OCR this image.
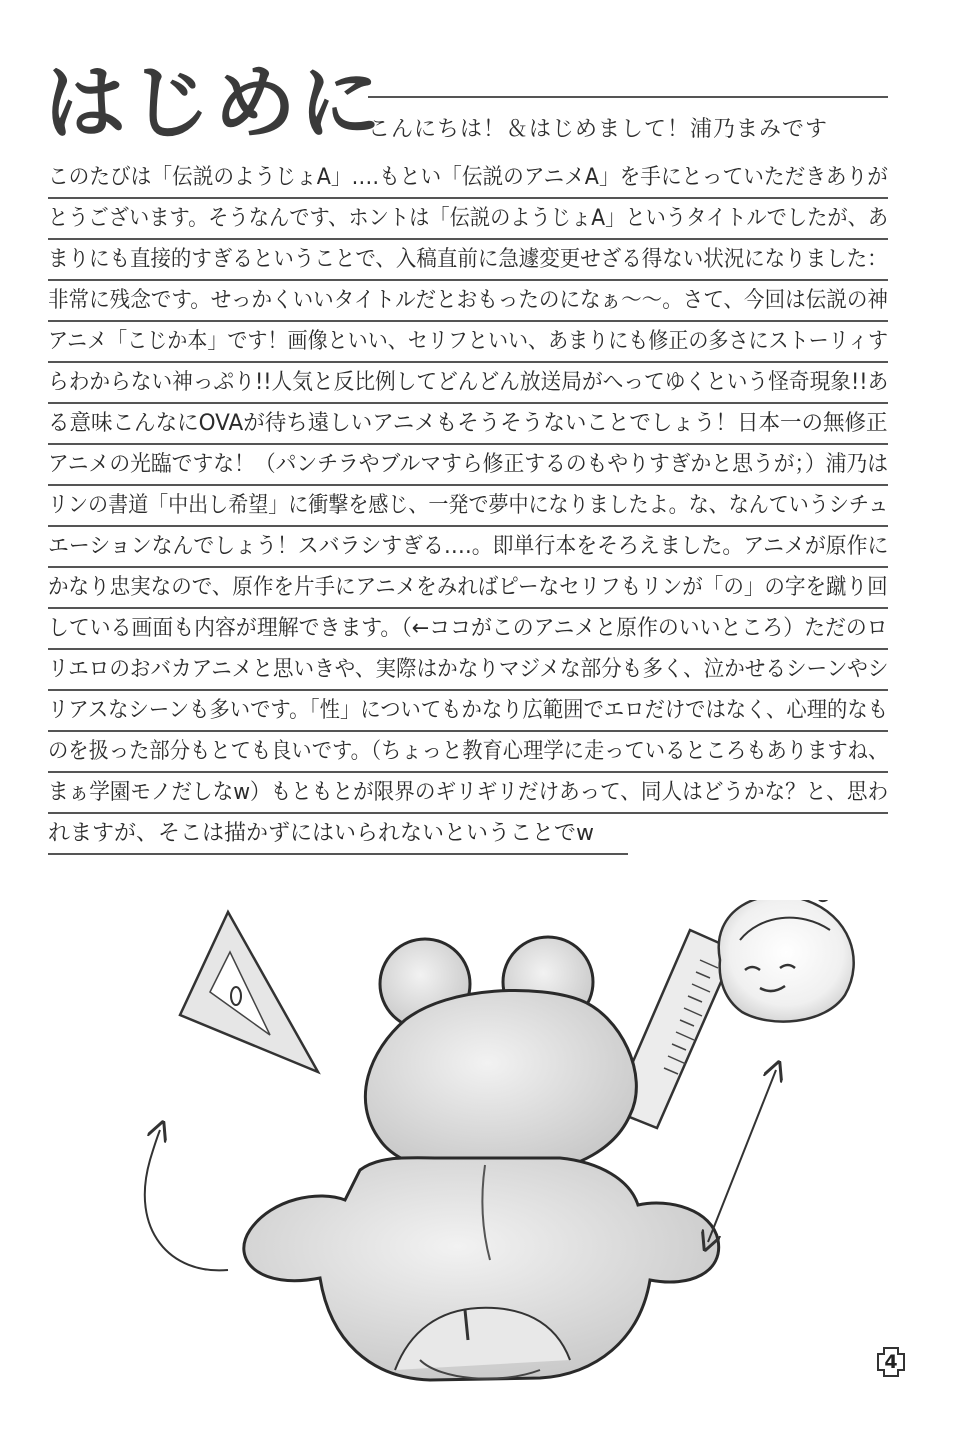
はじめに
こんにちは！＆はじめまして！浦乃まみです
このたびは「伝説のようじょA」‥‥もとい「伝説のアニメA」を手にとっていただきありが
とうございます。そうなんです、ホントは「伝説のようじょA」というタイトルでしたが、あ
まりにも直接的すぎるということで、入稿直前に急遽変更せざる得ない状況になりました：
非常に残念です。せっかくいいタイトルだとおもったのになぁ～～。さて、今回は伝説の神
アニメ「こじか本」です！画像といい、セリフといい、あまりにも修正の多さにストーリィす
らわからない神っぷり!!人気と反比例してどんどん放送局がへってゆくという怪奇現象!!あ
る意味こんなにOVAが待ち遠しいアニメもそうそうないことでしょう！日本一の無修正
アニメの光臨ですな！（パンチラやブルマすら修正するのもやりすぎかと思うが；）浦乃は
リンの書道「中出し希望」に衝撃を感じ、一発で夢中になりましたよ。な、なんていうシチュ
エーションなんでしょう！スバラシすぎる‥‥。即単行本をそろえました。アニメが原作に
かなり忠実なので、原作を片手にアニメをみればピーなセリフもリンが「の」の字を蹴り回
している画面も内容が理解できます。（←ココがこのアニメと原作のいいところ）ただのロ
リエロのおバカアニメと思いきや、実際はかなりマジメな部分も多く、泣かせるシーンやシ
リアスなシーンも多いです。「性」についてもかなり広範囲でエロだけではなく、心理的なも
のを扱った部分もとても良いです。（ちょっと教育心理学に走っているところもありますね、
まぁ学園モノだしなw）もともとが限界のギリギリだけあって、同人はどうかな？と、思わ
れますが、そこは描かずにはいられないということでw
4
